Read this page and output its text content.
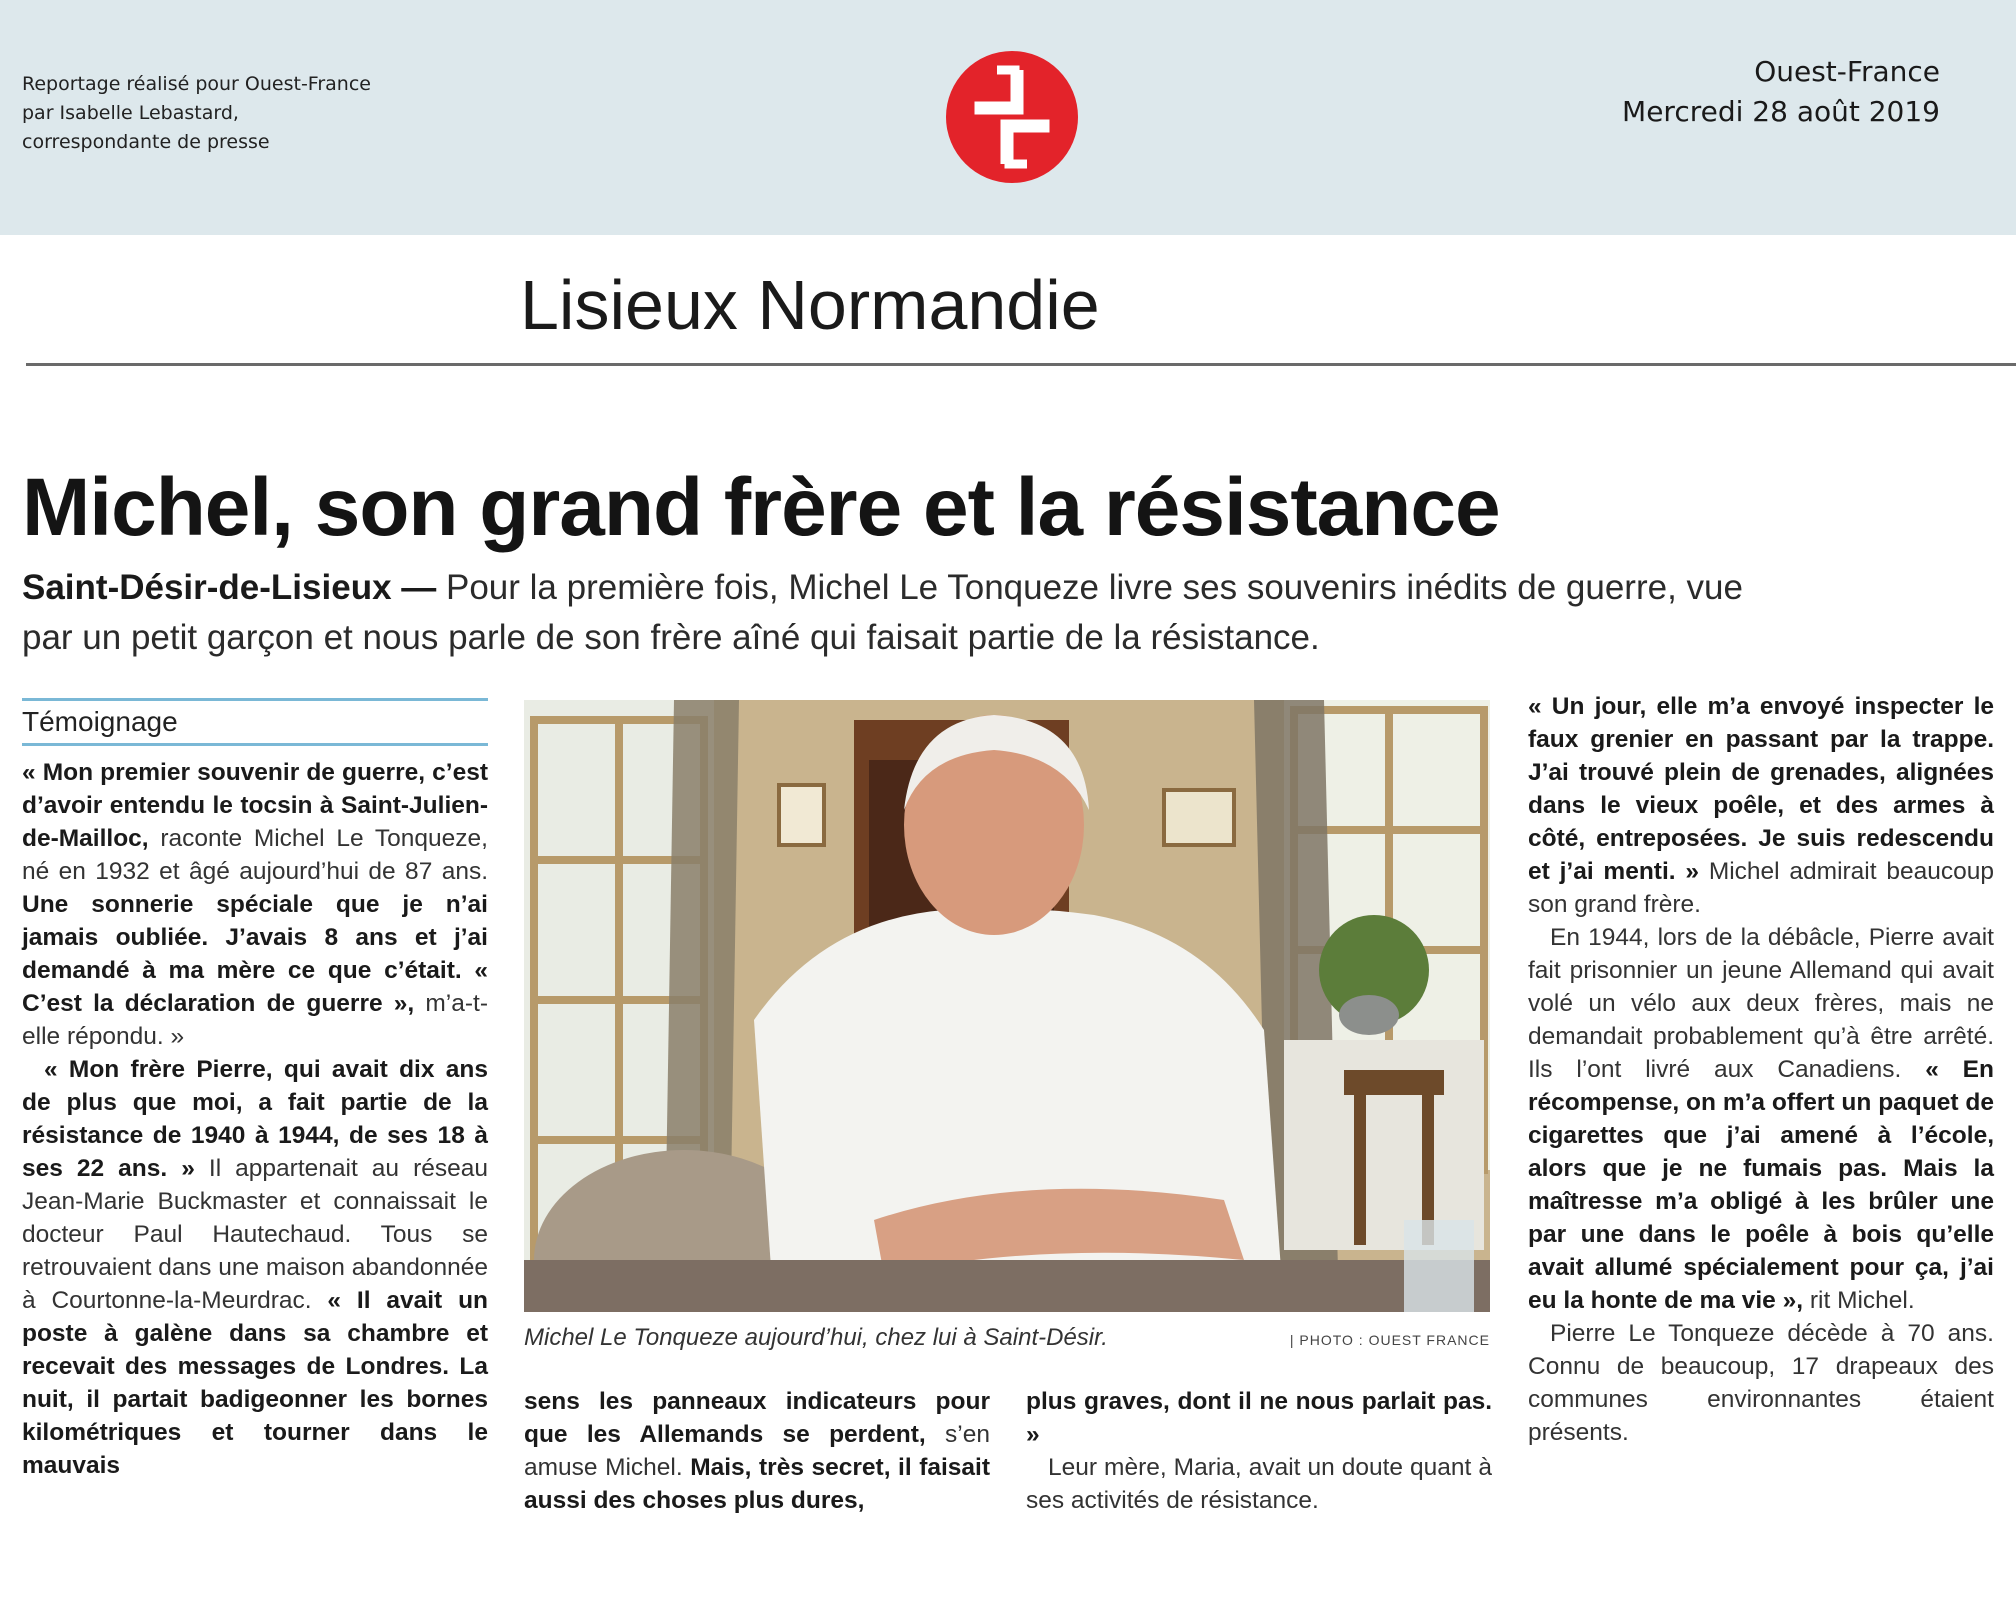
Reportage réalisé pour Ouest-France
par Isabelle Lebastard,
correspondante de presse
Ouest-France
Mercredi 28 août 2019
Lisieux Normandie
Michel, son grand frère et la résistance
Saint-Désir-de-Lisieux — Pour la première fois, Michel Le Tonqueze livre ses souvenirs inédits de guerre, vue par un petit garçon et nous parle de son frère aîné qui faisait partie de la résistance.
Témoignage

« Mon premier souvenir de guerre, c’est d’avoir entendu le tocsin à Saint-Julien-de-Mailloc, raconte Michel Le Tonqueze, né en 1932 et âgé aujourd’hui de 87 ans. Une sonnerie spéciale que je n’ai jamais oubliée. J’avais 8 ans et j’ai demandé à ma mère ce que c’était. « C’est la déclaration de guerre », m’a-t-elle répondu. »

« Mon frère Pierre, qui avait dix ans de plus que moi, a fait partie de la résistance de 1940 à 1944, de ses 18 à ses 22 ans. » Il appartenait au réseau Jean-Marie Buckmaster et connaissait le docteur Paul Hautechaud. Tous se retrouvaient dans une maison abandonnée à Courtonne-la-Meurdrac. « Il avait un poste à galène dans sa chambre et recevait des messages de Londres. La nuit, il partait badigeonner les bornes kilométriques et tourner dans le mauvais

Michel Le Tonqueze aujourd’hui, chez lui à Saint-Désir.	| PHOTO : OUEST FRANCE

sens les panneaux indicateurs pour que les Allemands se perdent, s’en amuse Michel. Mais, très secret, il faisait aussi des choses plus dures,

plus graves, dont il ne nous parlait pas. »

Leur mère, Maria, avait un doute quant à ses activités de résistance.

« Un jour, elle m’a envoyé inspecter le faux grenier en passant par la trappe. J’ai trouvé plein de grenades, alignées dans le vieux poêle, et des armes à côté, entreposées. Je suis redescendu et j’ai menti. » Michel admirait beaucoup son grand frère.

En 1944, lors de la débâcle, Pierre avait fait prisonnier un jeune Allemand qui avait volé un vélo aux deux frères, mais ne demandait probablement qu’à être arrêté. Ils l’ont livré aux Canadiens. « En récompense, on m’a offert un paquet de cigarettes que j’ai amené à l’école, alors que je ne fumais pas. Mais la maîtresse m’a obligé à les brûler une par une dans le poêle à bois qu’elle avait allumé spécialement pour ça, j’ai eu la honte de ma vie », rit Michel.

Pierre Le Tonqueze décède à 70 ans. Connu de beaucoup, 17 drapeaux des communes environnantes étaient présents.
